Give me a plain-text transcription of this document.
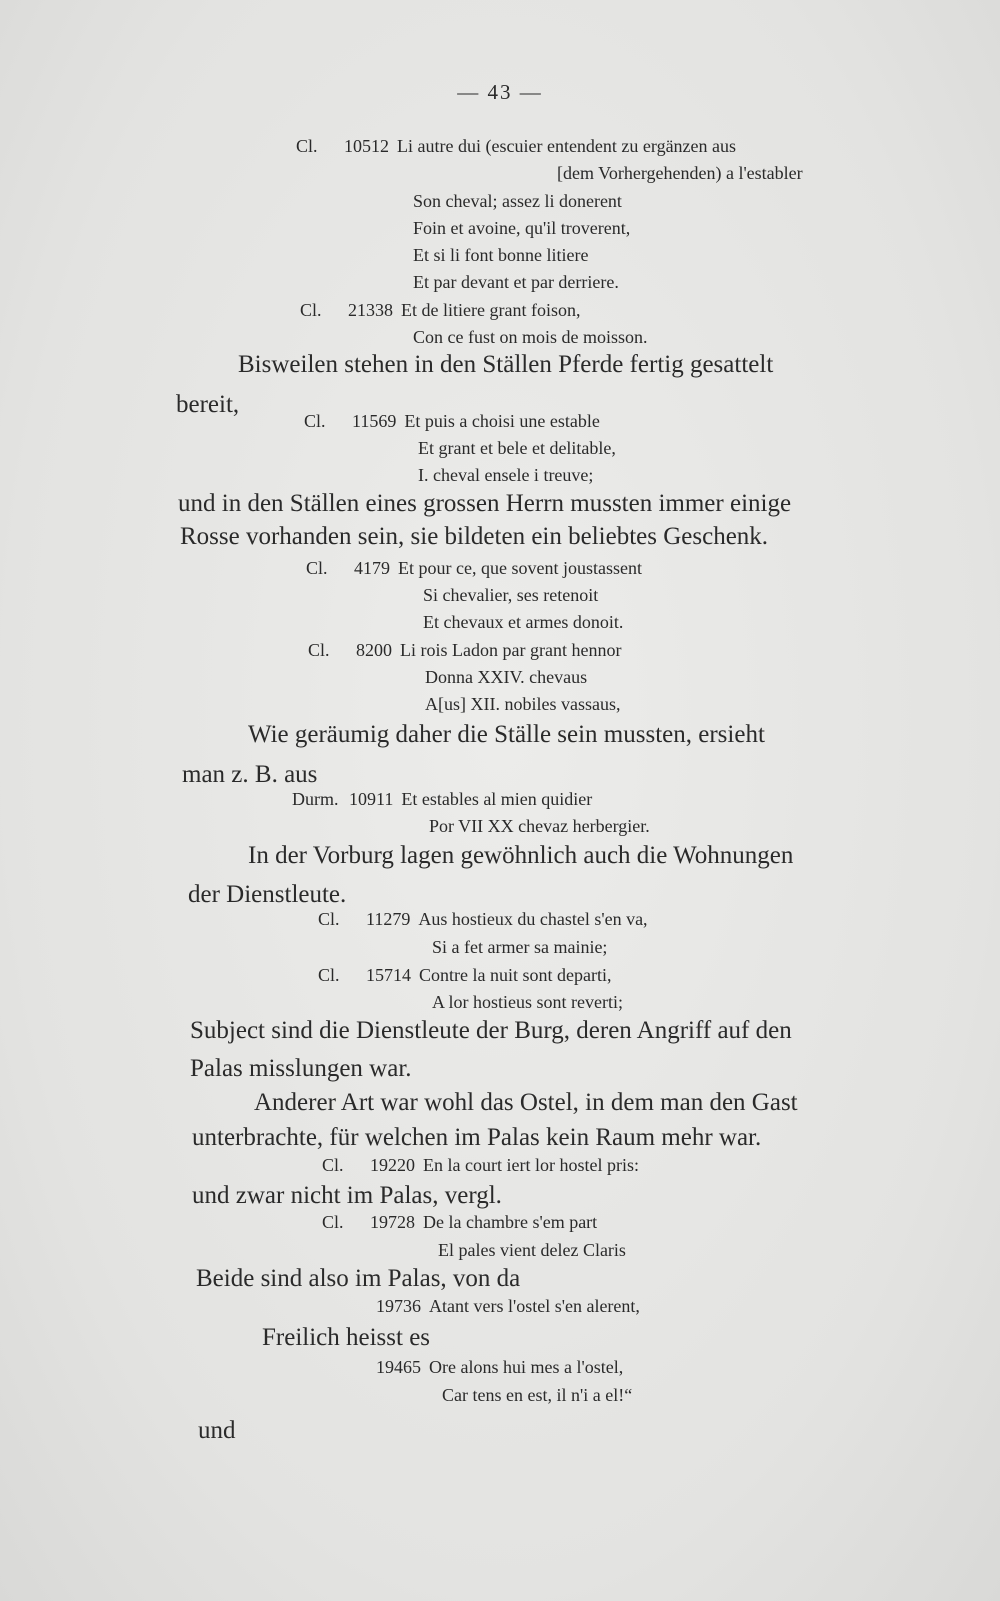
— 43 —
Cl. 10512 Li autre dui (escuier entendent zu ergänzen aus
[dem Vorhergehenden) a l'establer
Son cheval; assez li donerent
Foin et avoine, qu'il troverent,
Et si li font bonne litiere
Et par devant et par derriere.
Cl. 21338 Et de litiere grant foison,
Con ce fust on mois de moisson.
Bisweilen stehen in den Ställen Pferde fertig gesattelt
bereit,
Cl. 11569 Et puis a choisi une estable
Et grant et bele et delitable,
I. cheval ensele i treuve;
und in den Ställen eines grossen Herrn mussten immer einige
Rosse vorhanden sein, sie bildeten ein beliebtes Geschenk.
Cl. 4179 Et pour ce, que sovent joustassent
Si chevalier, ses retenoit
Et chevaux et armes donoit.
Cl. 8200 Li rois Ladon par grant hennor
Donna XXIV. chevaus
A[us] XII. nobiles vassaus,
Wie geräumig daher die Ställe sein mussten, ersieht
man z. B. aus
Durm. 10911 Et estables al mien quidier
Por VII XX chevaz herbergier.
In der Vorburg lagen gewöhnlich auch die Wohnungen
der Dienstleute.
Cl. 11279 Aus hostieux du chastel s'en va,
Si a fet armer sa mainie;
Cl. 15714 Contre la nuit sont departi,
A lor hostieus sont reverti;
Subject sind die Dienstleute der Burg, deren Angriff auf den
Palas misslungen war.
Anderer Art war wohl das Ostel, in dem man den Gast
unterbrachte, für welchen im Palas kein Raum mehr war.
Cl. 19220 En la court iert lor hostel pris:
und zwar nicht im Palas, vergl.
Cl. 19728 De la chambre s'em part
El pales vient delez Claris
Beide sind also im Palas, von da
19736 Atant vers l'ostel s'en alerent,
Freilich heisst es
19465 Ore alons hui mes a l'ostel,
Car tens en est, il n'i a el!“
und
